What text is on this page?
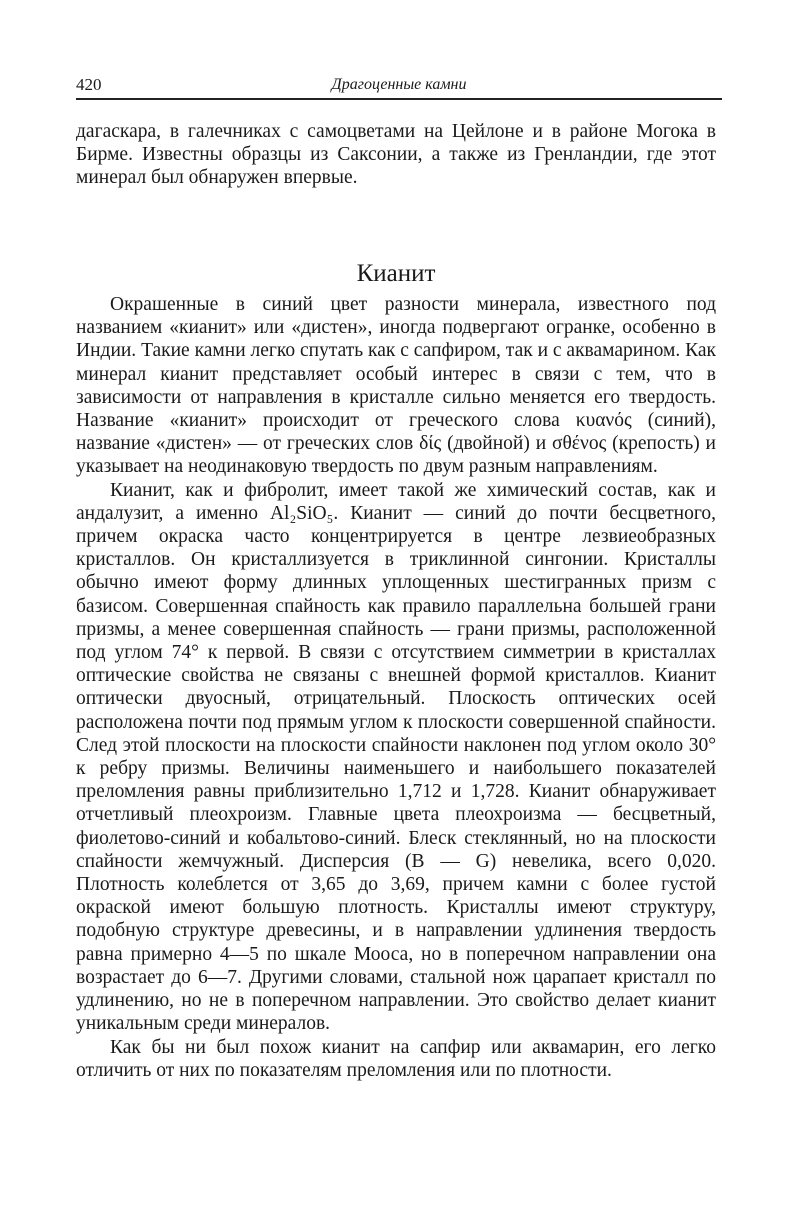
420	Драгоценные камни

дагаскара, в галечниках с самоцветами на Цейлоне и в районе Могока в Бирме. Известны образцы из Саксонии, а также из Гренландии, где этот минерал был обнаружен впервые.

Кианит

Окрашенные в синий цвет разности минерала, известного под названием «кианит» или «дистен», иногда подвергают огранке, особенно в Индии. Такие камни легко спутать как с сапфиром, так и с аквамарином. Как минерал кианит представляет особый интерес в связи с тем, что в зависимости от направления в кристалле сильно меняется его твердость. Название «кианит» происходит от греческого слова κυανός (синий), название «дистен» — от греческих слов δίς (двойной) и σθένος (крепость) и указывает на неодинаковую твердость по двум разным направлениям.

Кианит, как и фибролит, имеет такой же химический состав, как и андалузит, а именно Al₂SiO₅. Кианит — синий до почти бесцветного, причем окраска часто концентрируется в центре лезвиеобразных кристаллов. Он кристаллизуется в триклинной сингонии. Кристаллы обычно имеют форму длинных уплощенных шестигранных призм с базисом. Совершенная спайность как правило параллельна большей грани призмы, а менее совершенная спайность — грани призмы, расположенной под углом 74° к первой. В связи с отсутствием симметрии в кристаллах оптические свойства не связаны с внешней формой кристаллов. Кианит оптически двуосный, отрицательный. Плоскость оптических осей расположена почти под прямым углом к плоскости совершенной спайности. След этой плоскости на плоскости спайности наклонен под углом около 30° к ребру призмы. Величины наименьшего и наибольшего показателей преломления равны приблизительно 1,712 и 1,728. Кианит обнаруживает отчетливый плеохроизм. Главные цвета плеохроизма — бесцветный, фиолетово-синий и кобальтово-синий. Блеск стеклянный, но на плоскости спайности жемчужный. Дисперсия (B — G) невелика, всего 0,020. Плотность колеблется от 3,65 до 3,69, причем камни с более густой окраской имеют большую плотность. Кристаллы имеют структуру, подобную структуре древесины, и в направлении удлинения твердость равна примерно 4—5 по шкале Мооса, но в поперечном направлении она возрастает до 6—7. Другими словами, стальной нож царапает кристалл по удлинению, но не в поперечном направлении. Это свойство делает кианит уникальным среди минералов.

Как бы ни был похож кианит на сапфир или аквамарин, его легко отличить от них по показателям преломления или по плотности.
